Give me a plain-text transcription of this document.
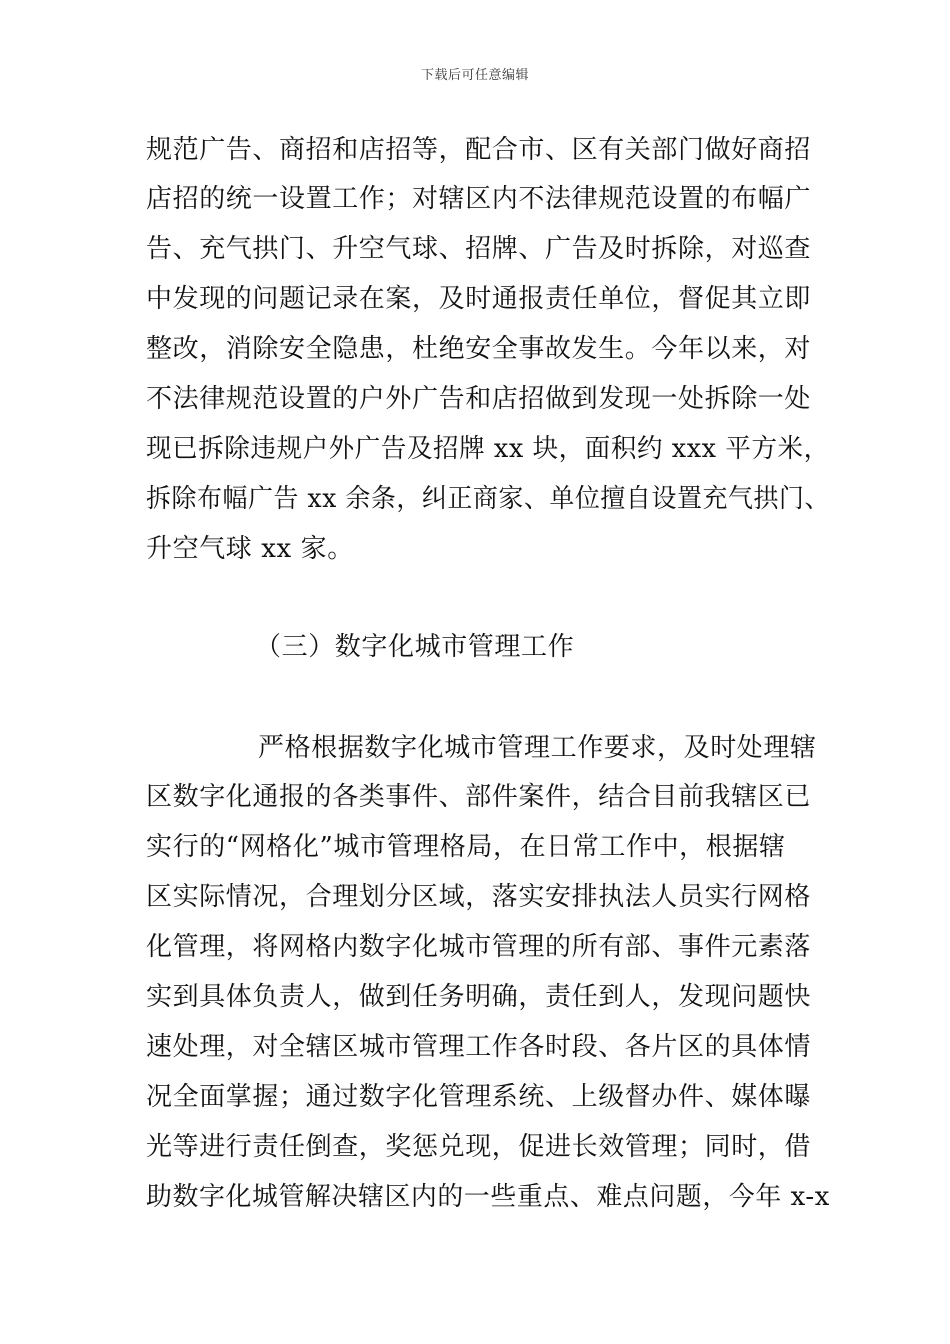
下载后可任意编辑
规范广告、商招和店招等，配合市、区有关部门做好商招
店招的统一设置工作；对辖区内不法律规范设置的布幅广
告、充气拱门、升空气球、招牌、广告及时拆除，对巡查
中发现的问题记录在案，及时通报责任单位，督促其立即
整改，消除安全隐患，杜绝安全事故发生。今年以来，对
不法律规范设置的户外广告和店招做到发现一处拆除一处
现已拆除违规户外广告及招牌 xx 块，面积约 xxx 平方米，
拆除布幅广告 xx 余条，纠正商家、单位擅自设置充气拱门、
升空气球 xx 家。
（三）数字化城市管理工作
严格根据数字化城市管理工作要求，及时处理辖
区数字化通报的各类事件、部件案件，结合目前我辖区已
实行的“网格化”城市管理格局，在日常工作中，根据辖
区实际情况，合理划分区域，落实安排执法人员实行网格
化管理，将网格内数字化城市管理的所有部、事件元素落
实到具体负责人，做到任务明确，责任到人，发现问题快
速处理，对全辖区城市管理工作各时段、各片区的具体情
况全面掌握；通过数字化管理系统、上级督办件、媒体曝
光等进行责任倒查，奖惩兑现，促进长效管理；同时，借
助数字化城管解决辖区内的一些重点、难点问题，今年 x-x
